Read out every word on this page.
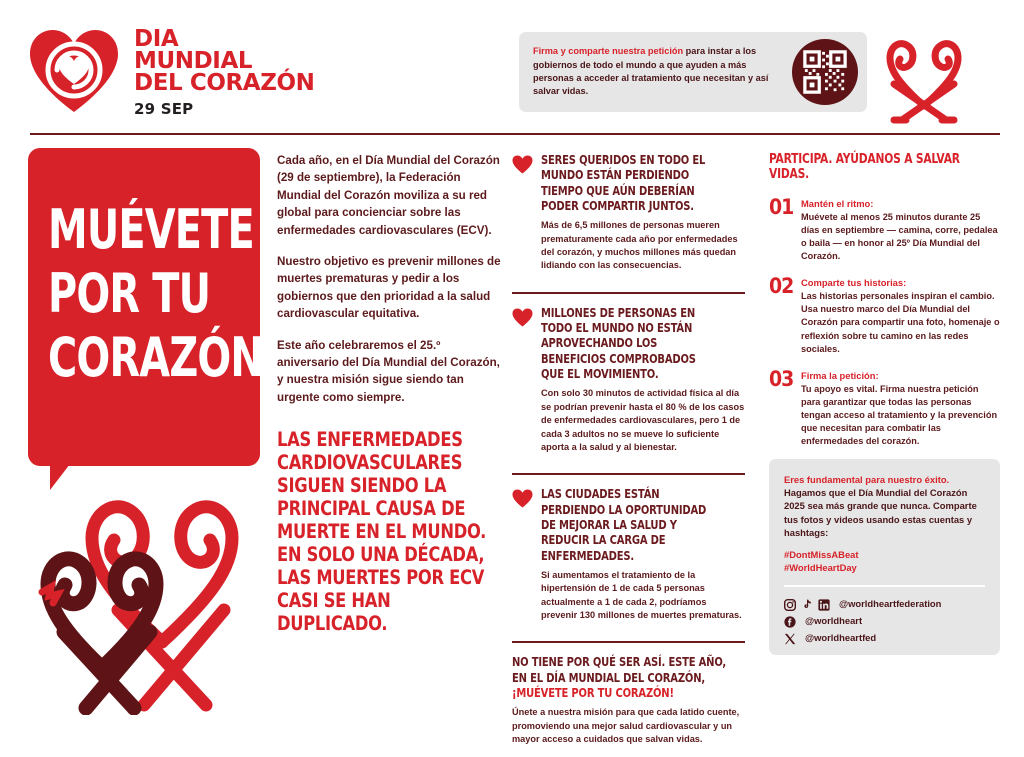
DIA
MUNDIAL
DEL CORAZÓN
29 SEP
Firma y comparte nuestra petición para instar a los gobiernos de todo el mundo a que ayuden a más personas a acceder al tratamiento que necesitan y así salvar vidas.
MUÉVETE POR TU CORAZÓN

Cada año, en el Día Mundial del Corazón (29 de septiembre), la Federación Mundial del Corazón moviliza a su red global para concienciar sobre las enfermedades cardiovasculares (ECV).

Nuestro objetivo es prevenir millones de muertes prematuras y pedir a los gobiernos que den prioridad a la salud cardiovascular equitativa.

Este año celebraremos el 25.º aniversario del Día Mundial del Corazón, y nuestra misión sigue siendo tan urgente como siempre.

LAS ENFERMEDADES CARDIOVASCULARES SIGUEN SIENDO LA PRINCIPAL CAUSA DE MUERTE EN EL MUNDO. EN SOLO UNA DÉCADA, LAS MUERTES POR ECV CASI SE HAN DUPLICADO.
SERES QUERIDOS EN TODO EL MUNDO ESTÁN PERDIENDO TIEMPO QUE AÚN DEBERÍAN PODER COMPARTIR JUNTOS.
Más de 6,5 millones de personas mueren prematuramente cada año por enfermedades del corazón, y muchos millones más quedan lidiando con las consecuencias.
MILLONES DE PERSONAS EN TODO EL MUNDO NO ESTÁN APROVECHANDO LOS BENEFICIOS COMPROBADOS QUE EL MOVIMIENTO.
Con solo 30 minutos de actividad física al día se podrían prevenir hasta el 80 % de los casos de enfermedades cardiovasculares, pero 1 de cada 3 adultos no se mueve lo suficiente aporta a la salud y al bienestar.
LAS CIUDADES ESTÁN PERDIENDO LA OPORTUNIDAD DE MEJORAR LA SALUD Y REDUCIR LA CARGA DE ENFERMEDADES.
Si aumentamos el tratamiento de la hipertensión de 1 de cada 5 personas actualmente a 1 de cada 2, podríamos prevenir 130 millones de muertes prematuras.
NO TIENE POR QUÉ SER ASÍ. ESTE AÑO, EN EL DÍA MUNDIAL DEL CORAZÓN, ¡MUÉVETE POR TU CORAZÓN!
Únete a nuestra misión para que cada latido cuente, promoviendo una mejor salud cardiovascular y un mayor acceso a cuidados que salvan vidas.
PARTICIPA. AYÚDANOS A SALVAR VIDAS.
01 Mantén el ritmo:
Muévete al menos 25 minutos durante 25 días en septiembre — camina, corre, pedalea o baila — en honor al 25º Día Mundial del Corazón.
02 Comparte tus historias:
Las historias personales inspiran el cambio. Usa nuestro marco del Día Mundial del Corazón para compartir una foto, homenaje o reflexión sobre tu camino en las redes sociales.
03 Firma la petición:
Tu apoyo es vital. Firma nuestra petición para garantizar que todas las personas tengan acceso al tratamiento y la prevención que necesitan para combatir las enfermedades del corazón.
Eres fundamental para nuestro éxito.
Hagamos que el Día Mundial del Corazón 2025 sea más grande que nunca. Comparte tus fotos y videos usando estas cuentas y hashtags:
#DontMissABeat
#WorldHeartDay
@worldheartfederation
@worldheart
@worldheartfed
